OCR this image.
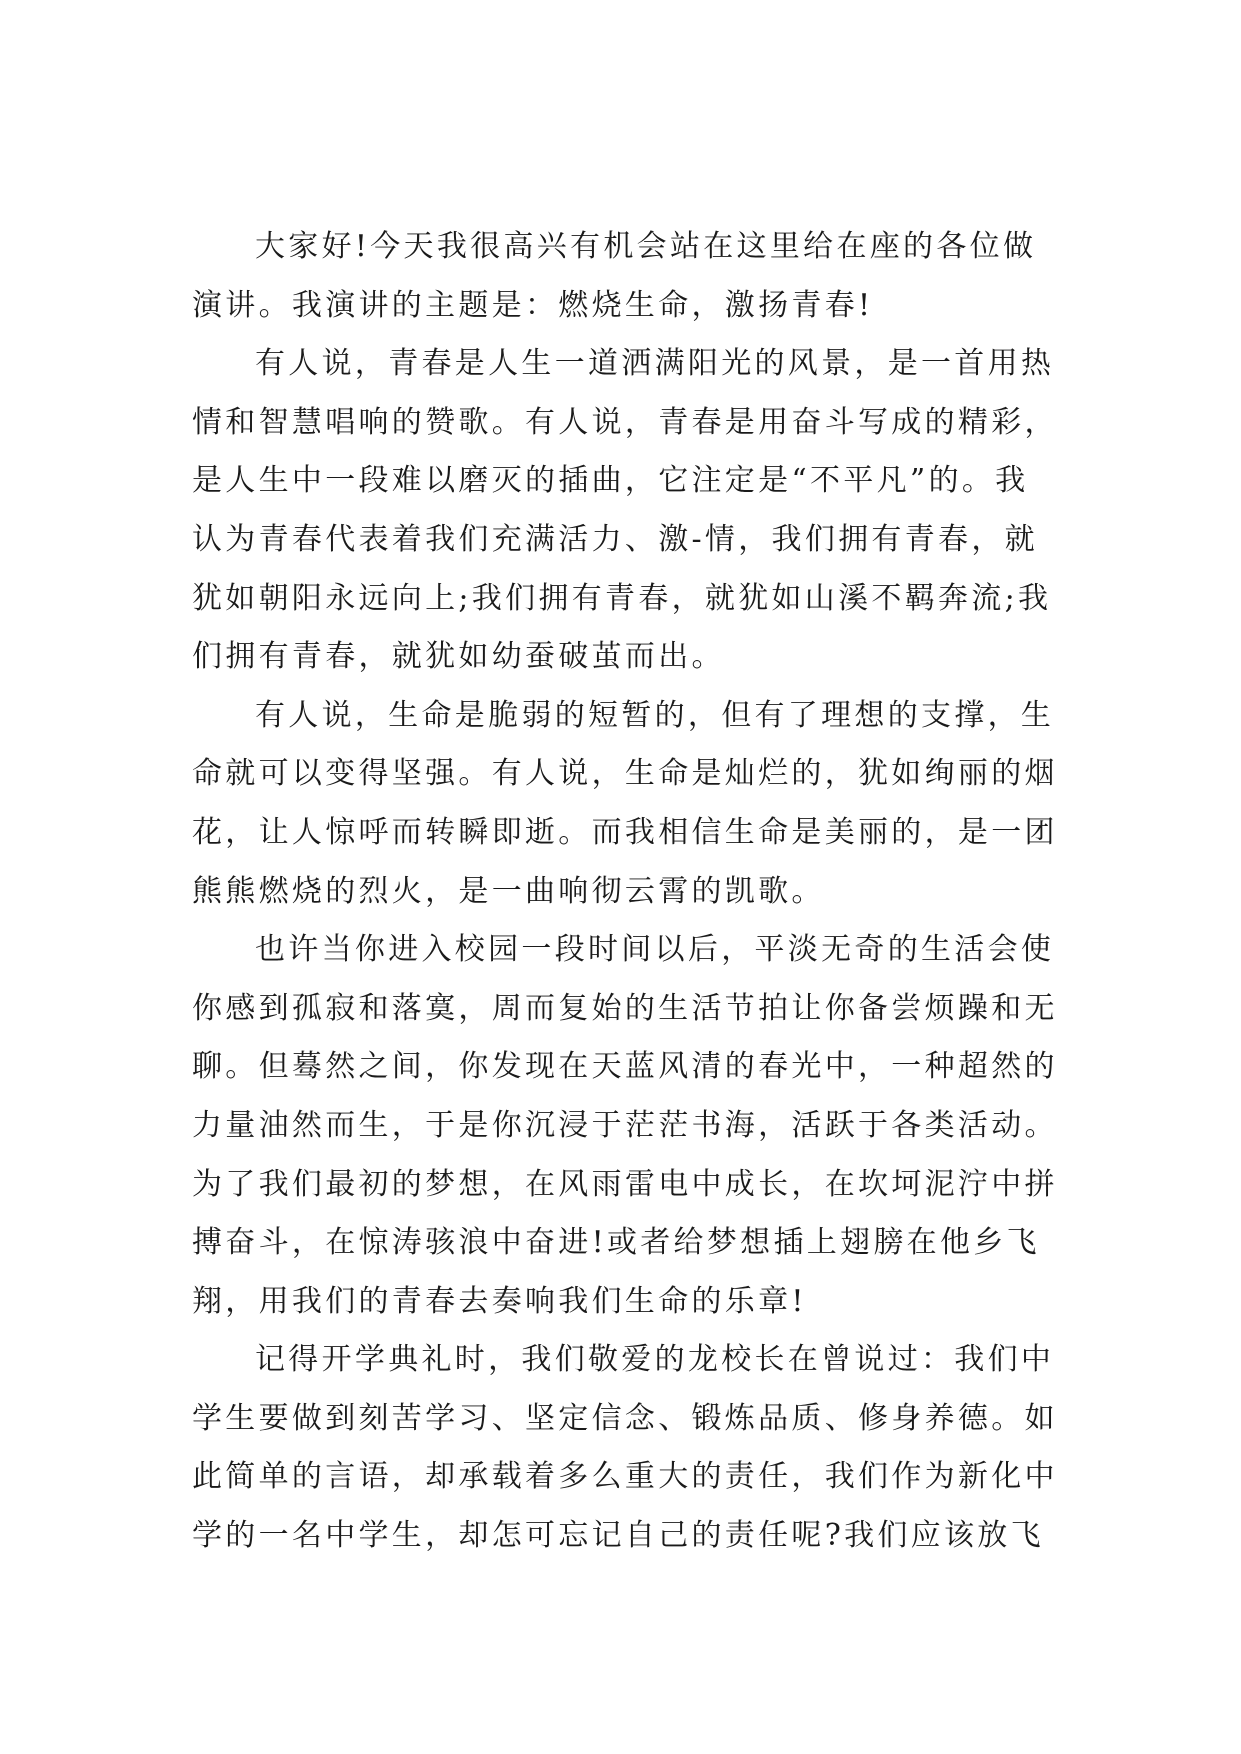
大家好!今天我很高兴有机会站在这里给在座的各位做
演讲。我演讲的主题是：燃烧生命，激扬青春!
有人说，青春是人生一道洒满阳光的风景，是一首用热
情和智慧唱响的赞歌。有人说，青春是用奋斗写成的精彩，
是人生中一段难以磨灭的插曲，它注定是“不平凡”的。我
认为青春代表着我们充满活力、激-情，我们拥有青春，就
犹如朝阳永远向上;我们拥有青春，就犹如山溪不羁奔流;我
们拥有青春，就犹如幼蚕破茧而出。
有人说，生命是脆弱的短暂的，但有了理想的支撑，生
命就可以变得坚强。有人说，生命是灿烂的，犹如绚丽的烟
花，让人惊呼而转瞬即逝。而我相信生命是美丽的，是一团
熊熊燃烧的烈火，是一曲响彻云霄的凯歌。
也许当你进入校园一段时间以后，平淡无奇的生活会使
你感到孤寂和落寞，周而复始的生活节拍让你备尝烦躁和无
聊。但蓦然之间，你发现在天蓝风清的春光中，一种超然的
力量油然而生，于是你沉浸于茫茫书海，活跃于各类活动。
为了我们最初的梦想，在风雨雷电中成长，在坎坷泥泞中拼
搏奋斗，在惊涛骇浪中奋进!或者给梦想插上翅膀在他乡飞
翔，用我们的青春去奏响我们生命的乐章!
记得开学典礼时，我们敬爱的龙校长在曾说过：我们中
学生要做到刻苦学习、坚定信念、锻炼品质、修身养德。如
此简单的言语，却承载着多么重大的责任，我们作为新化中
学的一名中学生，却怎可忘记自己的责任呢?我们应该放飞
